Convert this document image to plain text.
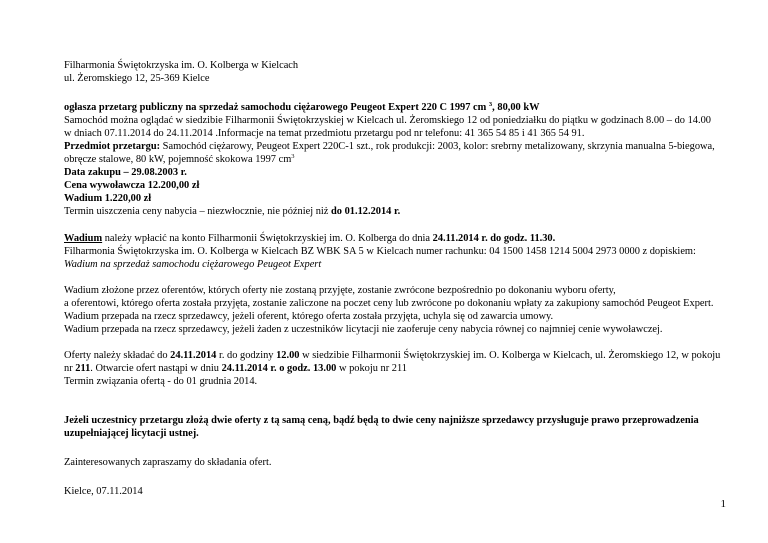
Filharmonia Świętokrzyska im. O. Kolberga w Kielcach

ul. Żeromskiego 12, 25-369 Kielce

ogłasza przetarg publiczny na sprzedaż samochodu ciężarowego Peugeot Expert 220 C 1997 cm $^3$, 80,00 kW

Samochód można oglądać w siedzibie Filharmonii Świętokrzyskiej w Kielcach ul. Żeromskiego 12 od poniedziałku do piątku w godzinach 8.00 – do 14.00

w dniach 07.11.2014 do 24.11.2014 .Informacje na temat przedmiotu przetargu pod nr telefonu: 41 365 54 85 i 41 365 54 91.

Przedmiot przetargu: Samochód ciężarowy, Peugeot Expert 220C-1 szt., rok produkcji: 2003, kolor: srebrny metalizowany, skrzynia manualna 5-biegowa,

obręcze stalowe, 80 kW, pojemność skokowa 1997 $cm^3$

Data zakupu – 29.08.2003 r.

Cena wywoławcza 12.200,00 zł

Wadium 1.220,00 zł

Termin uiszczenia ceny nabycia – niezwłocznie, nie później niż do 01.12.2014 r.

Wadium należy wpłacić na konto Filharmonii Świętokrzyskiej im. O. Kolberga do dnia 24.11.2014 r. do godz. 11.30.

Filharmonia Świętokrzyska im. O. Kolberga w Kielcach BZ WBK SA 5 w Kielcach numer rachunku: 04 1500 1458 1214 5004 2973 0000 z dopiskiem:

Wadium na sprzedaż samochodu ciężarowego Peugeot Expert

Wadium złożone przez oferentów, których oferty nie zostaną przyjęte, zostanie zwrócone bezpośrednio po dokonaniu wyboru oferty,

a oferentowi, którego oferta została przyjęta, zostanie zaliczone na poczet ceny lub zwrócone po dokonaniu wpłaty za zakupiony samochód Peugeot Expert.

Wadium przepada na rzecz sprzedawcy, jeżeli oferent, którego oferta została przyjęta, uchyla się od zawarcia umowy.

Wadium przepada na rzecz sprzedawcy, jeżeli żaden z uczestników licytacji nie zaoferuje ceny nabycia równej co najmniej cenie wywoławczej.

Oferty należy składać do 24.11.2014 r. do godziny 12.00 w siedzibie Filharmonii Świętokrzyskiej im. O. Kolberga w Kielcach, ul. Żeromskiego 12, w pokoju

nr 211. Otwarcie ofert nastąpi w dniu 24.11.2014 r. o godz. 13.00 w pokoju nr 211

Termin związania ofertą - do 01 grudnia 2014.

Jeżeli uczestnicy przetargu złożą dwie oferty z tą samą ceną, bądź będą to dwie ceny najniższe sprzedawcy przysługuje prawo przeprowadzenia

uzupełniającej licytacji ustnej.

Zainteresowanych zapraszamy do składania ofert.

Kielce, 07.11.2014

1
